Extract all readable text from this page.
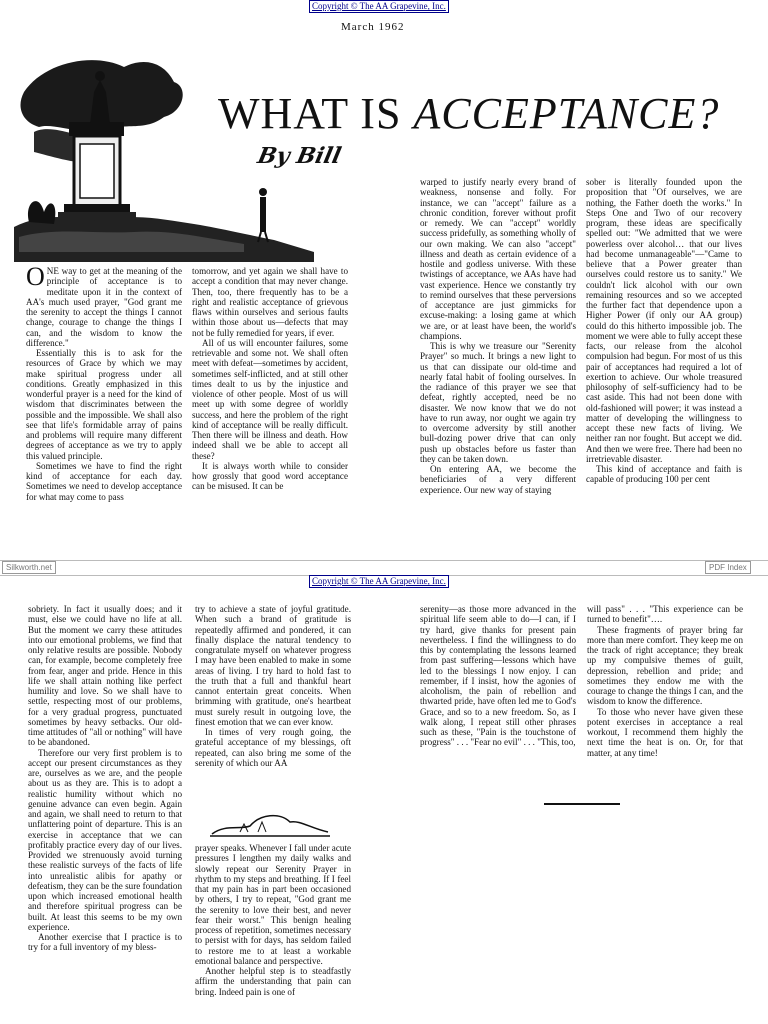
Copyright © The AA Grapevine, Inc.
March 1962
WHAT IS ACCEPTANCE?
By Bill

ONE way to get at the meaning of the principle of acceptance is to meditate upon it in the context of AA's much used prayer, "God grant me the serenity to accept the things I cannot change, courage to change the things I can, and the wisdom to know the difference."

Essentially this is to ask for the resources of Grace by which we may make spiritual progress under all conditions. Greatly emphasized in this wonderful prayer is a need for the kind of wisdom that discriminates between the possible and the impossible. We shall also see that life's formidable array of pains and problems will require many different degrees of acceptance as we try to apply this valued principle.

Sometimes we have to find the right kind of acceptance for each day. Sometimes we need to develop acceptance for what may come to pass

tomorrow, and yet again we shall have to accept a condition that may never change. Then, too, there frequently has to be a right and realistic acceptance of grievous flaws within ourselves and serious faults within those about us—defects that may not be fully remedied for years, if ever.

All of us will encounter failures, some retrievable and some not. We shall often meet with defeat—sometimes by accident, sometimes self-inflicted, and at still other times dealt to us by the injustice and violence of other people. Most of us will meet up with some degree of worldly success, and here the problem of the right kind of acceptance will be really difficult. Then there will be illness and death. How indeed shall we be able to accept all these?

It is always worth while to consider how grossly that good word acceptance can be misused. It can be

warped to justify nearly every brand of weakness, nonsense and folly. For instance, we can "accept" failure as a chronic condition, forever without profit or remedy. We can "accept" worldly success pridefully, as something wholly of our own making. We can also "accept" illness and death as certain evidence of a hostile and godless universe. With these twistings of acceptance, we AAs have had vast experience. Hence we constantly try to remind ourselves that these perversions of acceptance are just gimmicks for excuse-making: a losing game at which we are, or at least have been, the world's champions.

This is why we treasure our "Serenity Prayer" so much. It brings a new light to us that can dissipate our old-time and nearly fatal habit of fooling ourselves. In the radiance of this prayer we see that defeat, rightly accepted, need be no disaster. We now know that we do not have to run away, nor ought we again try to overcome adversity by still another bull-dozing power drive that can only push up obstacles before us faster than they can be taken down.

On entering AA, we become the beneficiaries of a very different experience. Our new way of staying

sober is literally founded upon the proposition that "Of ourselves, we are nothing, the Father doeth the works." In Steps One and Two of our recovery program, these ideas are specifically spelled out: "We admitted that we were powerless over alcohol… that our lives had become unmanageable"—"Came to believe that a Power greater than ourselves could restore us to sanity." We couldn't lick alcohol with our own remaining resources and so we accepted the further fact that dependence upon a Higher Power (if only our AA group) could do this hitherto impossible job. The moment we were able to fully accept these facts, our release from the alcohol compulsion had begun. For most of us this pair of acceptances had required a lot of exertion to achieve. Our whole treasured philosophy of self-sufficiency had to be cast aside. This had not been done with old-fashioned will power; it was instead a matter of developing the willingness to accept these new facts of living. We neither ran nor fought. But accept we did. And then we were free. There had been no irretrievable disaster.

This kind of acceptance and faith is capable of producing 100 per cent

Silkworth.net	PDF Index
Copyright © The AA Grapevine, Inc.

sobriety. In fact it usually does; and it must, else we could have no life at all. But the moment we carry these attitudes into our emotional problems, we find that only relative results are possible. Nobody can, for example, become completely free from fear, anger and pride. Hence in this life we shall attain nothing like perfect humility and love. So we shall have to settle, respecting most of our problems, for a very gradual progress, punctuated sometimes by heavy setbacks. Our old-time attitudes of "all or nothing" will have to be abandoned.

Therefore our very first problem is to accept our present circumstances as they are, ourselves as we are, and the people about us as they are. This is to adopt a realistic humility without which no genuine advance can even begin. Again and again, we shall need to return to that unflattering point of departure. This is an exercise in acceptance that we can profitably practice every day of our lives. Provided we strenuously avoid turning these realistic surveys of the facts of life into unrealistic alibis for apathy or defeatism, they can be the sure foundation upon which increased emotional health and therefore spiritual progress can be built. At least this seems to be my own experience.

Another exercise that I practice is to try for a full inventory of my bless-

try to achieve a state of joyful gratitude. When such a brand of gratitude is repeatedly affirmed and pondered, it can finally displace the natural tendency to congratulate myself on whatever progress I may have been enabled to make in some areas of living. I try hard to hold fast to the truth that a full and thankful heart cannot entertain great conceits. When brimming with gratitude, one's heartbeat must surely result in outgoing love, the finest emotion that we can ever know.

In times of very rough going, the grateful acceptance of my blessings, oft repeated, can also bring me some of the serenity of which our AA

prayer speaks. Whenever I fall under acute pressures I lengthen my daily walks and slowly repeat our Serenity Prayer in rhythm to my steps and breathing. If I feel that my pain has in part been occasioned by others, I try to repeat, "God grant me the serenity to love their best, and never fear their worst." This benign healing process of repetition, sometimes necessary to persist with for days, has seldom failed to restore me to at least a workable emotional balance and perspective.

Another helpful step is to steadfastly affirm the understanding that pain can bring. Indeed pain is one of

serenity—as those more advanced in the spiritual life seem able to do—I can, if I try hard, give thanks for present pain nevertheless. I find the willingness to do this by contemplating the lessons learned from past suffering—lessons which have led to the blessings I now enjoy. I can remember, if I insist, how the agonies of alcoholism, the pain of rebellion and thwarted pride, have often led me to God's Grace, and so to a new freedom. So, as I walk along, I repeat still other phrases such as these, "Pain is the touchstone of progress" . . . "Fear no evil" . . . "This, too,

will pass" . . . "This experience can be turned to benefit"….

These fragments of prayer bring far more than mere comfort. They keep me on the track of right acceptance; they break up my compulsive themes of guilt, depression, rebellion and pride; and sometimes they endow me with the courage to change the things I can, and the wisdom to know the difference.

To those who never have given these potent exercises in acceptance a real workout, I recommend them highly the next time the heat is on. Or, for that matter, at any time!
